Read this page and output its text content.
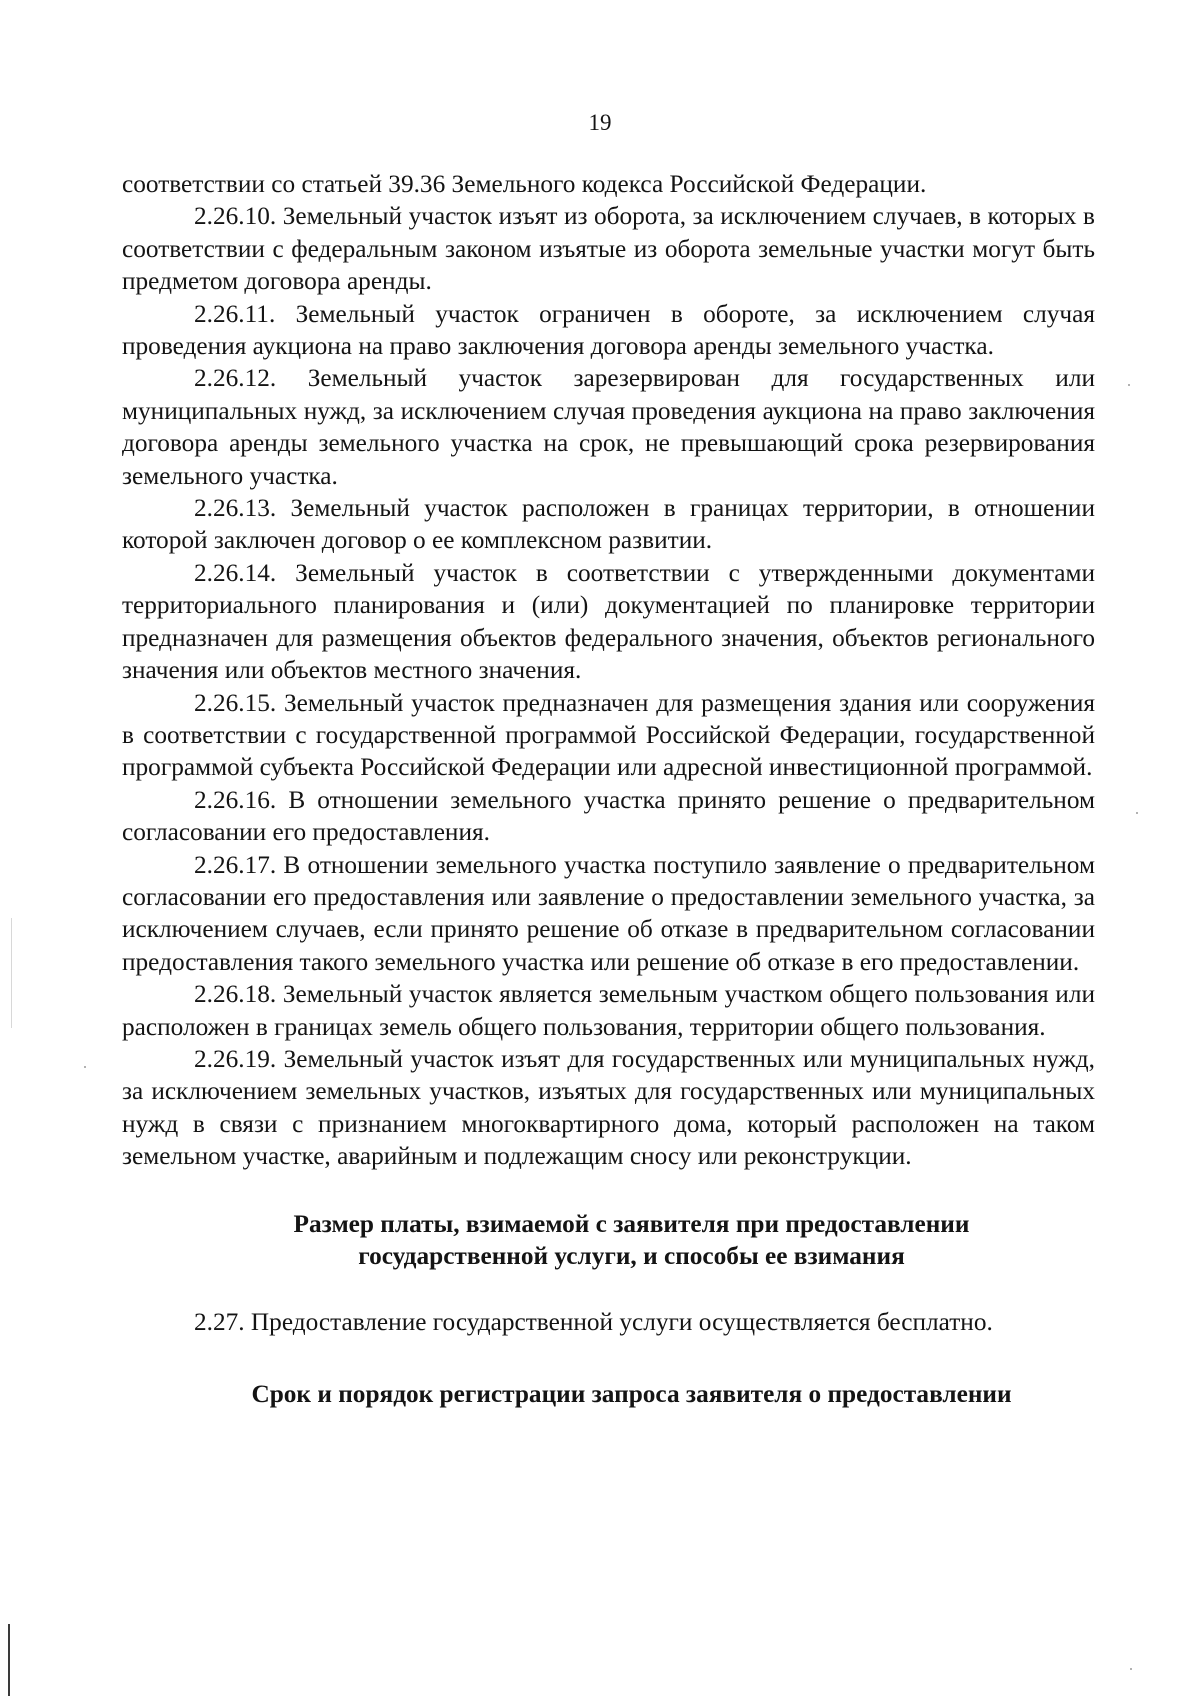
19

соответствии со статьей 39.36 Земельного кодекса Российской Федерации.

2.26.10. Земельный участок изъят из оборота, за исключением случаев, в которых в соответствии с федеральным законом изъятые из оборота земельные участки могут быть предметом договора аренды.

2.26.11. Земельный участок ограничен в обороте, за исключением случая проведения аукциона на право заключения договора аренды земельного участка.

2.26.12. Земельный участок зарезервирован для государственных или муниципальных нужд, за исключением случая проведения аукциона на право заключения договора аренды земельного участка на срок, не превышающий срока резервирования земельного участка.

2.26.13. Земельный участок расположен в границах территории, в отношении которой заключен договор о ее комплексном развитии.

2.26.14. Земельный участок в соответствии с утвержденными документами территориального планирования и (или) документацией по планировке территории предназначен для размещения объектов федерального значения, объектов регионального значения или объектов местного значения.

2.26.15. Земельный участок предназначен для размещения здания или сооружения в соответствии с государственной программой Российской Федерации, государственной программой субъекта Российской Федерации или адресной инвестиционной программой.

2.26.16. В отношении земельного участка принято решение о предварительном согласовании его предоставления.

2.26.17. В отношении земельного участка поступило заявление о предварительном согласовании его предоставления или заявление о предоставлении земельного участка, за исключением случаев, если принято решение об отказе в предварительном согласовании предоставления такого земельного участка или решение об отказе в его предоставлении.

2.26.18. Земельный участок является земельным участком общего пользования или расположен в границах земель общего пользования, территории общего пользования.

2.26.19. Земельный участок изъят для государственных или муниципальных нужд, за исключением земельных участков, изъятых для государственных или муниципальных нужд в связи с признанием многоквартирного дома, который расположен на таком земельном участке, аварийным и подлежащим сносу или реконструкции.

Размер платы, взимаемой с заявителя при предоставлении
государственной услуги, и способы ее взимания

2.27. Предоставление государственной услуги осуществляется бесплатно.

Срок и порядок регистрации запроса заявителя о предоставлении
